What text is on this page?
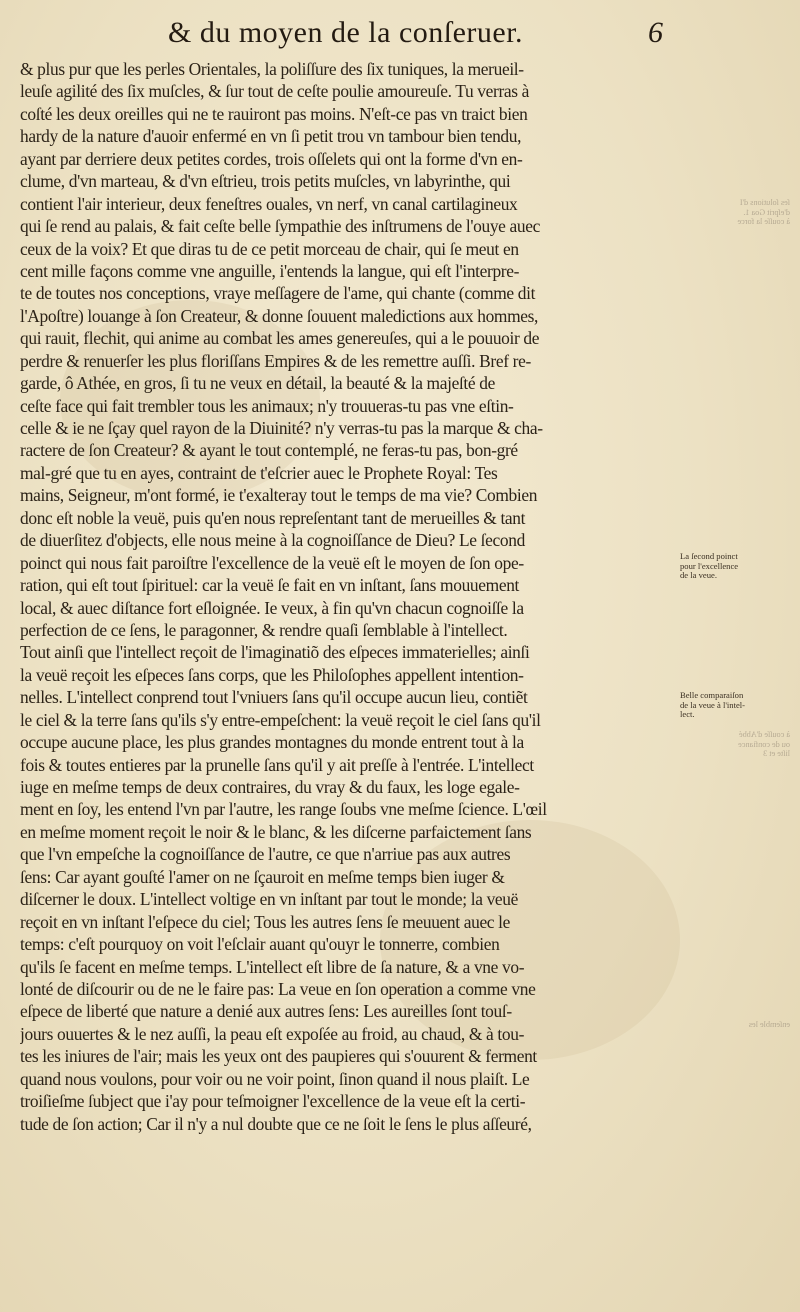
& du moyen de la conſeruer.	6
& plus pur que les perles Orientales, la poliſſure des ſix tuniques, la merueil-
leuſe agilité des ſix muſcles, & ſur tout de ceſte poulie amoureuſe. Tu verras à
coſté les deux oreilles qui ne te rauiront pas moins. N'eſt-ce pas vn traict bien
hardy de la nature d'auoir enfermé en vn ſi petit trou vn tambour bien tendu,
ayant par derriere deux petites cordes, trois oſſelets qui ont la forme d'vn en-
clume, d'vn marteau, & d'vn eſtrieu, trois petits muſcles, vn labyrinthe, qui
contient l'air interieur, deux feneſtres ouales, vn nerf, vn canal cartilagineux
qui ſe rend au palais, & fait ceſte belle ſympathie des inſtrumens de l'ouye auec
ceux de la voix? Et que diras tu de ce petit morceau de chair, qui ſe meut en
cent mille façons comme vne anguille, i'entends la langue, qui eſt l'interpre-
te de toutes nos conceptions, vraye meſſagere de l'ame, qui chante (comme dit
l'Apoſtre) louange à ſon Createur, & donne ſouuent maledictions aux hommes,
qui rauit, flechit, qui anime au combat les ames genereuſes, qui a le pouuoir de
perdre & renuerſer les plus floriſſans Empires & de les remettre auſſi. Bref re-
garde, ô Athée, en gros, ſi tu ne veux en détail, la beauté & la majeſté de
ceſte face qui fait trembler tous les animaux; n'y trouueras-tu pas vne eſtin-
celle & ie ne ſçay quel rayon de la Diuinité? n'y verras-tu pas la marque & cha-
ractere de ſon Createur? & ayant le tout contemplé, ne feras-tu pas, bon-gré
mal-gré que tu en ayes, contraint de t'eſcrier auec le Prophete Royal: Tes
mains, Seigneur, m'ont formé, ie t'exalteray tout le temps de ma vie? Combien
donc eſt noble la veuë, puis qu'en nous repreſentant tant de merueilles & tant
de diuerſitez d'objects, elle nous meine à la cognoiſſance de Dieu? Le ſecond
poinct qui nous fait paroiſtre l'excellence de la veuë eſt le moyen de ſon ope-
ration, qui eſt tout ſpirituel: car la veuë ſe fait en vn inſtant, ſans mouuement
local, & auec diſtance fort eſloignée. Ie veux, à fin qu'vn chacun cognoiſſe la
perfection de ce ſens, le paragonner, & rendre quaſi ſemblable à l'intellect.
Tout ainſi que l'intellect reçoit de l'imaginatiõ des eſpeces immaterielles; ainſi
la veuë reçoit les eſpeces ſans corps, que les Philoſophes appellent intention-
nelles. L'intellect conprend tout l'vniuers ſans qu'il occupe aucun lieu, contiẽt
le ciel & la terre ſans qu'ils s'y entre-empeſchent: la veuë reçoit le ciel ſans qu'il
occupe aucune place, les plus grandes montagnes du monde entrent tout à la
fois & toutes entieres par la prunelle ſans qu'il y ait preſſe à l'entrée. L'intellect
iuge en meſme temps de deux contraires, du vray & du faux, les loge egale-
ment en ſoy, les entend l'vn par l'autre, les range ſoubs vne meſme ſcience. L'œil
en meſme moment reçoit le noir & le blanc, & les diſcerne parfaictement ſans
que l'vn empeſche la cognoiſſance de l'autre, ce que n'arriue pas aux autres
ſens: Car ayant gouſté l'amer on ne ſçauroit en meſme temps bien iuger &
diſcerner le doux. L'intellect voltige en vn inſtant par tout le monde; la veuë
reçoit en vn inſtant l'eſpece du ciel; Tous les autres ſens ſe meuuent auec le
temps: c'eſt pourquoy on voit l'eſclair auant qu'ouyr le tonnerre, combien
qu'ils ſe facent en meſme temps. L'intellect eſt libre de ſa nature, & a vne vo-
lonté de diſcourir ou de ne le faire pas: La veue en ſon operation a comme vne
eſpece de liberté que nature a denié aux autres ſens: Les aureilles ſont touſ-
jours ouuertes & le nez auſſi, la peau eſt expoſée au froid, au chaud, & à tou-
tes les iniures de l'air; mais les yeux ont des paupieres qui s'ouurent & ferment
quand nous voulons, pour voir ou ne voir point, ſinon quand il nous plaiſt. Le
troiſieſme ſubject que i'ay pour teſmoigner l'excellence de la veue eſt la certi-
tude de ſon action; Car il n'y a nul doubte que ce ne ſoit le ſens le plus aſſeuré,
La ſecond poinct
pour l'excellence
de la veue.
Belle comparaiſon
de la veue à l'intel-
lect.
ſes ſolutions d'I
d'eſprit Goa 1.
à couſſe la force
à couſſe d'Abbé
ou de confiance
liſte et 3
enſemble les
